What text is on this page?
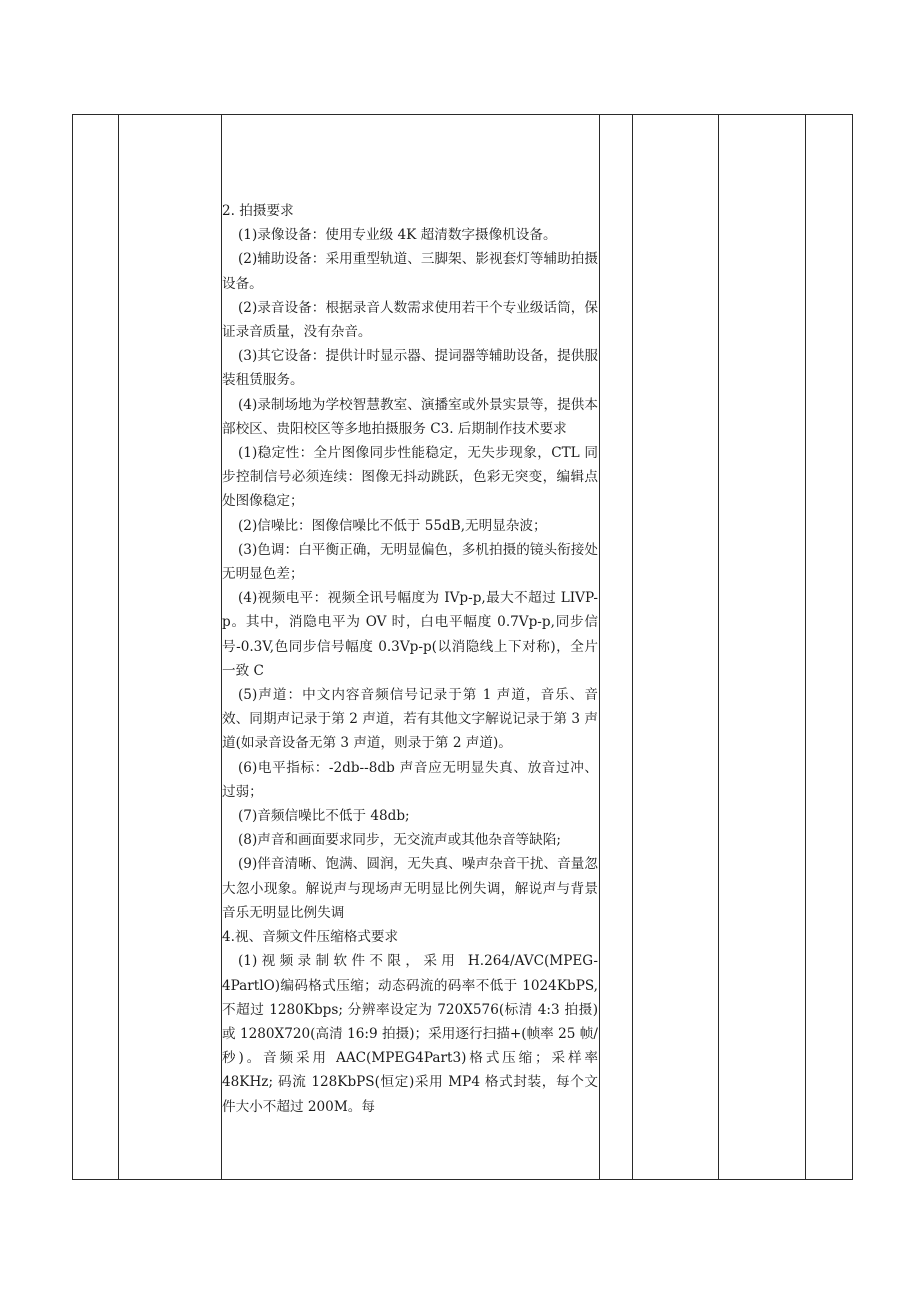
2. 拍摄要求

(1)录像设备：使用专业级 4K 超清数字摄像机设备。

(2)辅助设备：采用重型轨道、三脚架、影视套灯等辅助拍摄设备。

(2)录音设备：根据录音人数需求使用若干个专业级话筒，保证录音质量，没有杂音。

(3)其它设备：提供计时显示器、提词器等辅助设备，提供服装租赁服务。

(4)录制场地为学校智慧教室、演播室或外景实景等，提供本部校区、贵阳校区等多地拍摄服务 C3. 后期制作技术要求

(1)稳定性：全片图像同步性能稳定，无失步现象，CTL 同步控制信号必须连续：图像无抖动跳跃，色彩无突变，编辑点处图像稳定；

(2)信噪比：图像信噪比不低于 55dB,无明显杂波；

(3)色调：白平衡正确，无明显偏色，多机拍摄的镜头衔接处无明显色差；

(4)视频电平：视频全讯号幅度为 IVp-p,最大不超过 LIVP-p。其中，消隐电平为 OV 时，白电平幅度 0.7Vp-p,同步信号-0.3V,色同步信号幅度 0.3Vp-p(以消隐线上下对称)，全片一致 C

(5)声道：中文内容音频信号记录于第 1 声道，音乐、音效、同期声记录于第 2 声道，若有其他文字解说记录于第 3 声道(如录音设备无第 3 声道，则录于第 2 声道)。

(6)电平指标：-2db--8db 声音应无明显失真、放音过冲、过弱；

(7)音频信噪比不低于 48db;

(8)声音和画面要求同步，无交流声或其他杂音等缺陷;

(9)伴音清晰、饱满、圆润，无失真、噪声杂音干扰、音量忽大忽小现象。解说声与现场声无明显比例失调，解说声与背景音乐无明显比例失调

4.视、音频文件压缩格式要求

(1)视频录制软件不限，采用 H.264/AVC(MPEG-4PartlO)编码格式压缩；动态码流的码率不低于 1024KbPS, 不超过 1280Kbps; 分辨率设定为 720X576(标清 4:3 拍摄)或 1280X720(高清 16:9 拍摄)；采用逐行扫描+(帧率 25 帧/秒)。音频采用 AAC(MPEG4Part3)格式压缩；采样率 48KHz; 码流 128KbPS(恒定)采用 MP4 格式封装，每个文件大小不超过 200M。每
